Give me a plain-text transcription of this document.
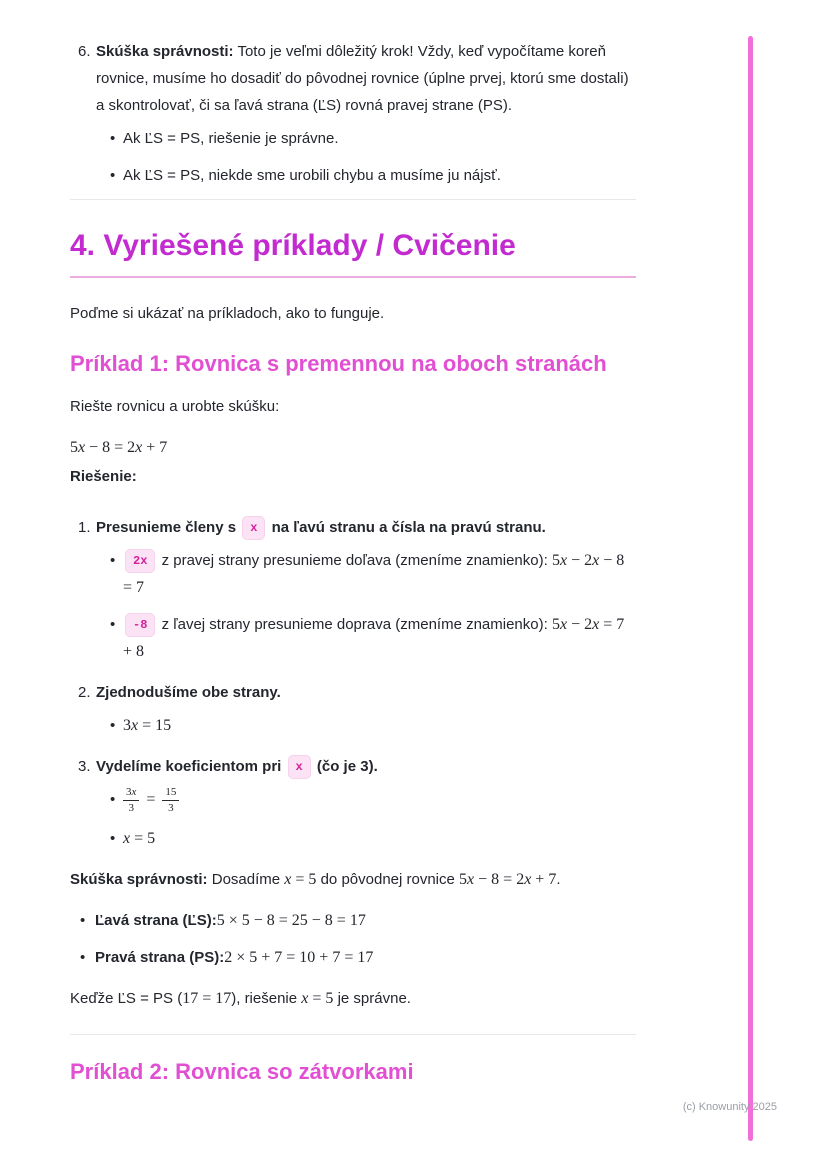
6. Skúška správnosti: Toto je veľmi dôležitý krok! Vždy, keď vypočítame koreň rovnice, musíme ho dosadiť do pôvodnej rovnice (úplne prvej, ktorú sme dostali) a skontrolovať, či sa ľavá strana (ĽS) rovná pravej strane (PS).

• Ak ĽS = PS, riešenie je správne.
• Ak ĽS = PS, niekde sme urobili chybu a musíme ju nájsť.
4. Vyriešené príklady / Cvičenie

Poďme si ukázať na príkladoch, ako to funguje.

Príklad 1: Rovnica s premennou na oboch stranách

Riešte rovnicu a urobte skúšku:

5x − 8 = 2x + 7

Riešenie:

1. Presunieme členy s x na ľavú stranu a čísla na pravú stranu.

• 2x z pravej strany presunieme doľava (zmeníme znamienko): 5x − 2x − 8 = 7
• -8 z ľavej strany presunieme doprava (zmeníme znamienko): 5x − 2x = 7 + 8
2. Zjednodušíme obe strany.

• 3x = 15
3. Vydelíme koeficientom pri x (čo je 3).

• $\frac{3x}{3} = \frac{15}{3}$
• x = 5

Skúška správnosti: Dosadíme x = 5 do pôvodnej rovnice 5x − 8 = 2x + 7.

• Ľavá strana (ĽS):5 × 5 − 8 = 25 − 8 = 17
• Pravá strana (PS):2 × 5 + 7 = 10 + 7 = 17

Keďže ĽS = PS (17 = 17), riešenie x = 5 je správne.

Príklad 2: Rovnica so zátvorkami
(c) Knowunity 2025
